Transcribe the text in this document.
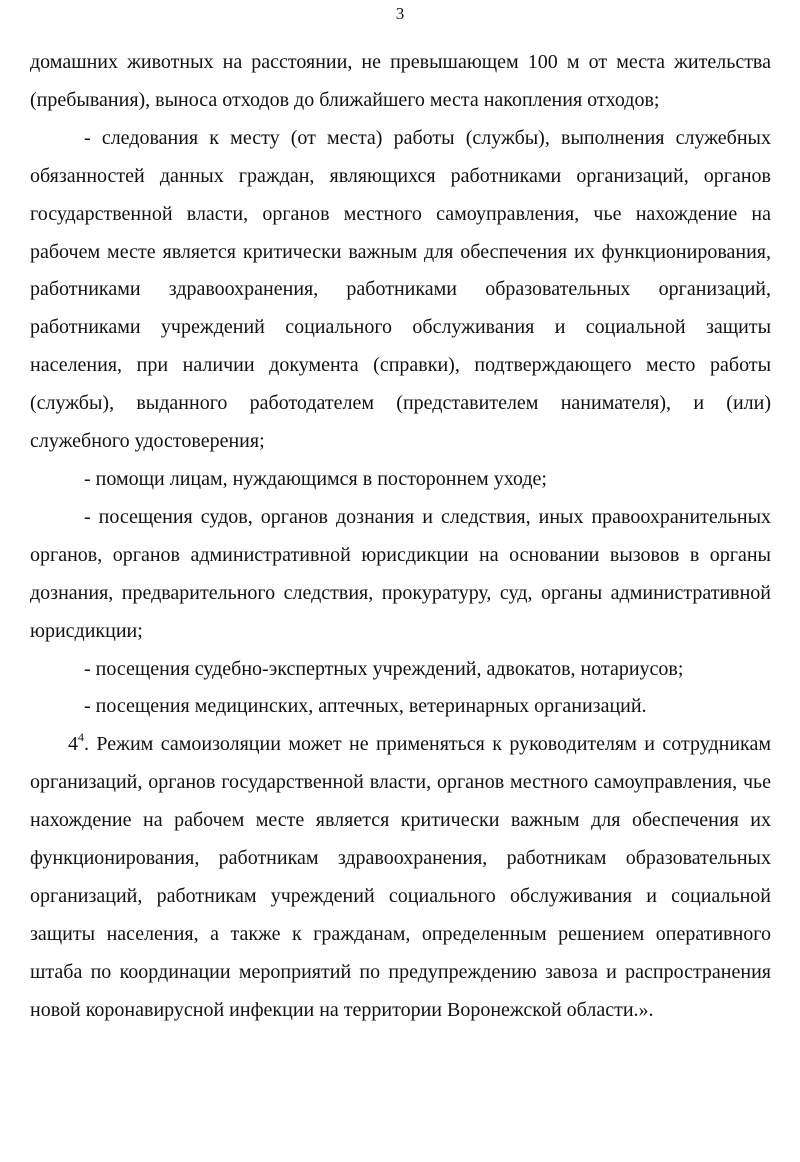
3

домашних животных на расстоянии, не превышающем 100 м от места жительства (пребывания), выноса отходов до ближайшего места накопления отходов;

- следования к месту (от места) работы (службы), выполнения служебных обязанностей данных граждан, являющихся работниками организаций, органов государственной власти, органов местного самоуправления, чье нахождение на рабочем месте является критически важным для обеспечения их функционирования, работниками здравоохранения, работниками образовательных организаций, работниками учреждений социального обслуживания и социальной защиты населения, при наличии документа (справки), подтверждающего место работы (службы), выданного работодателем (представителем нанимателя), и (или) служебного удостоверения;

- помощи лицам, нуждающимся в постороннем уходе;

- посещения судов, органов дознания и следствия, иных правоохранительных органов, органов административной юрисдикции на основании вызовов в органы дознания, предварительного следствия, прокуратуру, суд, органы административной юрисдикции;

- посещения судебно-экспертных учреждений, адвокатов, нотариусов;

- посещения медицинских, аптечных, ветеринарных организаций.

$4^4$. Режим самоизоляции может не применяться к руководителям и сотрудникам организаций, органов государственной власти, органов местного самоуправления, чье нахождение на рабочем месте является критически важным для обеспечения их функционирования, работникам здравоохранения, работникам образовательных организаций, работникам учреждений социального обслуживания и социальной защиты населения, а также к гражданам, определенным решением оперативного штаба по координации мероприятий по предупреждению завоза и распространения новой коронавирусной инфекции на территории Воронежской области.».
